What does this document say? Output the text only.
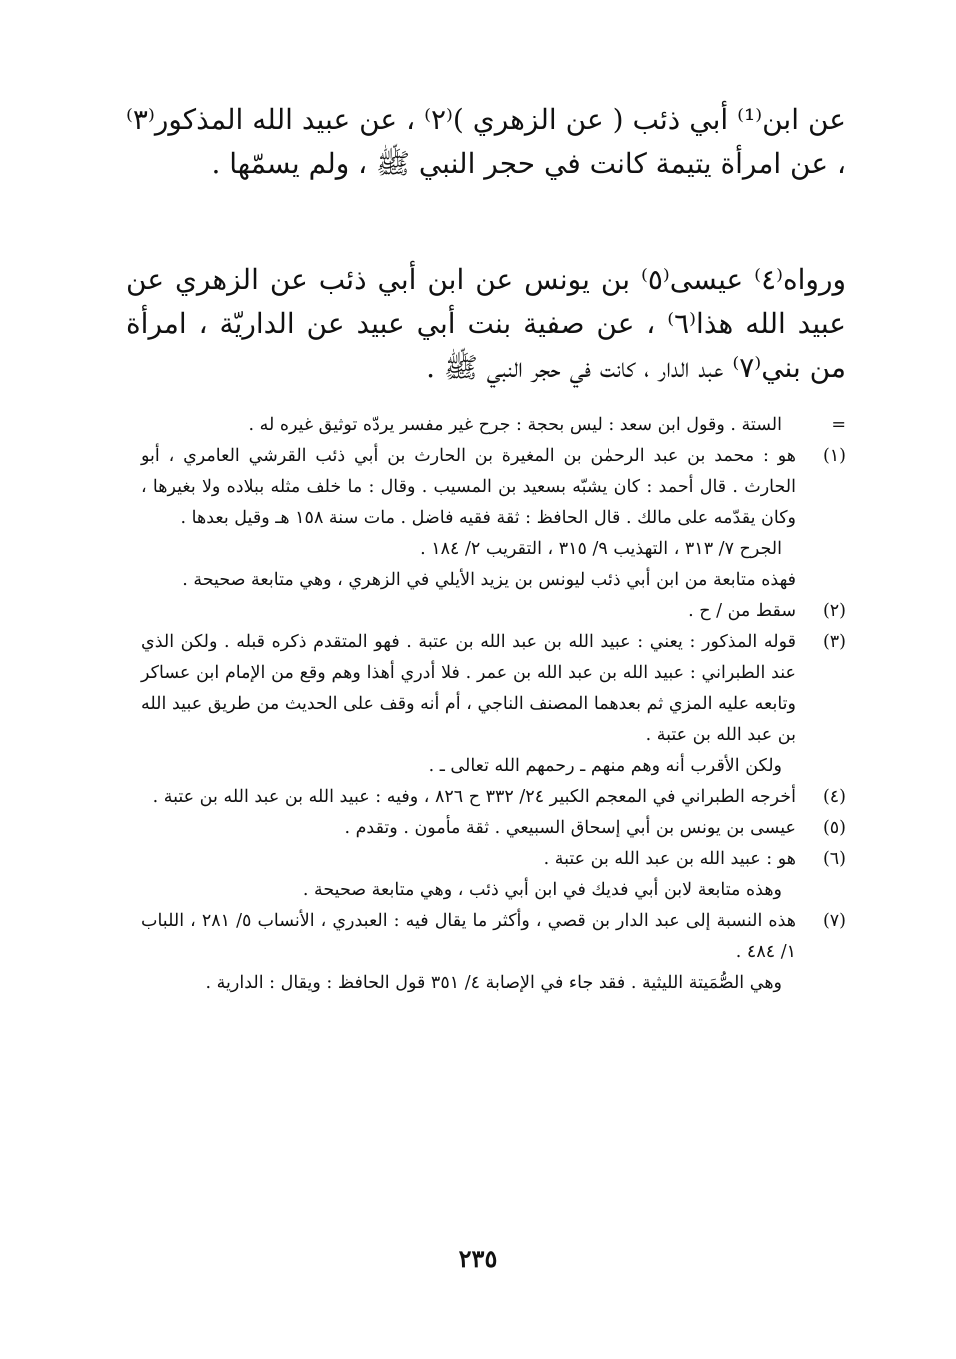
عن ابن⁽¹⁾ أبي ذئب ( عن الزهري )⁽٢⁾ ، عن عبيد الله المذكور⁽٣⁾ ، عن امرأة يتيمة كانت في حجر النبي ﷺ ، ولم يسمّها .

ورواه⁽٤⁾ عيسى⁽٥⁾ بن يونس عن ابن أبي ذئب عن الزهري عن عبيد الله هذا⁽٦⁾ ، عن صفية بنت أبي عبيد عن الداريّة ، امرأة من بني⁽٧⁾ عبد الدار ، كانت في حجر النبي ﷺ .

=
الستة . وقول ابن سعد : ليس بحجة : جرح غير مفسر يردّه توثيق غيره له .
(١)
هو : محمد بن عبد الرحمٰن بن المغيرة بن الحارث بن أبي ذئب القرشي العامري ، أبو الحارث . قال أحمد : كان يشبّه بسعيد بن المسيب . وقال : ما خلف مثله ببلاده ولا بغيرها ، وكان يقدّمه على مالك . قال الحافظ : ثقة فقيه فاضل . مات سنة ١٥٨ هـ وقيل بعدها .
الجرح ٧/ ٣١٣ ، التهذيب ٩/ ٣١٥ ، التقريب ٢/ ١٨٤ .
فهذه متابعة من ابن أبي ذئب ليونس بن يزيد الأيلي في الزهري ، وهي متابعة صحيحة .
(٢)
سقط من / ح .
(٣)
قوله المذكور : يعني : عبيد الله بن عبد الله بن عتبة . فهو المتقدم ذكره قبله . ولكن الذي عند الطبراني : عبيد الله بن عبد الله بن عمر . فلا أدري أهذا وهم وقع من الإمام ابن عساكر وتابعه عليه المزي ثم بعدهما المصنف الناجي ، أم أنه وقف على الحديث من طريق عبيد الله بن عبد الله بن عتبة .
ولكن الأقرب أنه وهم منهم ـ رحمهم الله تعالى ـ .
(٤)
أخرجه الطبراني في المعجم الكبير ٢٤/ ٣٣٢ ح ٨٢٦ ، وفيه : عبيد الله بن عبد الله بن عتبة .
(٥)
عيسى بن يونس بن أبي إسحاق السبيعي . ثقة مأمون . وتقدم .
(٦)
هو : عبيد الله بن عبد الله بن عتبة .
وهذه متابعة لابن أبي فديك في ابن أبي ذئب ، وهي متابعة صحيحة .
(٧)
هذه النسبة إلى عبد الدار بن قصي ، وأكثر ما يقال فيه : العبدري ، الأنساب ٥/ ٢٨١ ، اللباب ١/ ٤٨٤ .
وهي الصُّمَيتة الليثية . فقد جاء في الإصابة ٤/ ٣٥١ قول الحافظ : ويقال : الدارية .
٢٣٥
